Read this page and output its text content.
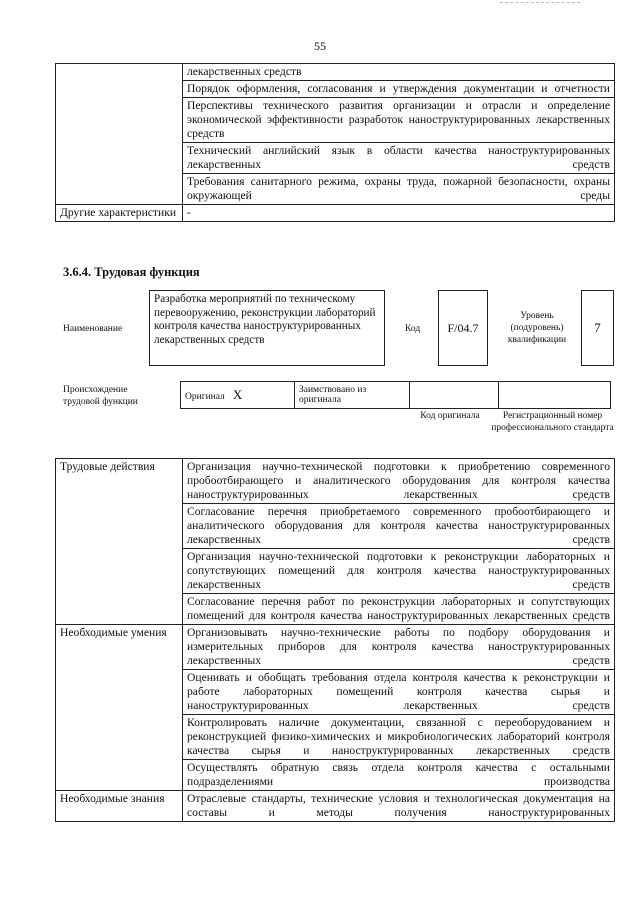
55
	лекарственных средств
	Порядок оформления, согласования и утверждения документации и отчетности
	Перспективы технического развития организации и отрасли и определение экономической эффективности разработок наноструктурированных лекарственных средств
	Технический английский язык в области качества наноструктурированных лекарственных средств
	Требования санитарного режима, охраны труда, пожарной безопасности, охраны окружающей среды
Другие характеристики	-
3.6.4. Трудовая функция
Наименование
Разработка мероприятий по техническому перевооружению, реконструкции лабораторий контроля качества наноструктурированных лекарственных средств
Код	F/04.7
Уровень (подуровень) квалификации
7
Происхождение трудовой функции	Оригинал X	Заимствовано из оригинала		
Код оригинала	Регистрационный номер профессионального стандарта
Трудовые действия	Организация научно-технической подготовки к приобретению современного пробоотбирающего и аналитического оборудования для контроля качества наноструктурированных лекарственных средств
	Согласование перечня приобретаемого современного пробоотбирающего и аналитического оборудования для контроля качества наноструктурированных лекарственных средств
	Организация научно-технической подготовки к реконструкции лабораторных и сопутствующих помещений для контроля качества наноструктурированных лекарственных средств
	Согласование перечня работ по реконструкции лабораторных и сопутствующих помещений для контроля качества наноструктурированных лекарственных средств
Необходимые умения	Организовывать научно-технические работы по подбору оборудования и измерительных приборов для контроля качества наноструктурированных лекарственных средств
	Оценивать и обобщать требования отдела контроля качества к реконструкции и работе лабораторных помещений контроля качества сырья и наноструктурированных лекарственных средств
	Контролировать наличие документации, связанной с переоборудованием и реконструкцией физико-химических и микробиологических лабораторий контроля качества сырья и наноструктурированных лекарственных средств
	Осуществлять обратную связь отдела контроля качества с остальными подразделениями производства
Необходимые знания	Отраслевые стандарты, технические условия и технологическая документация на составы и методы получения наноструктурированных
